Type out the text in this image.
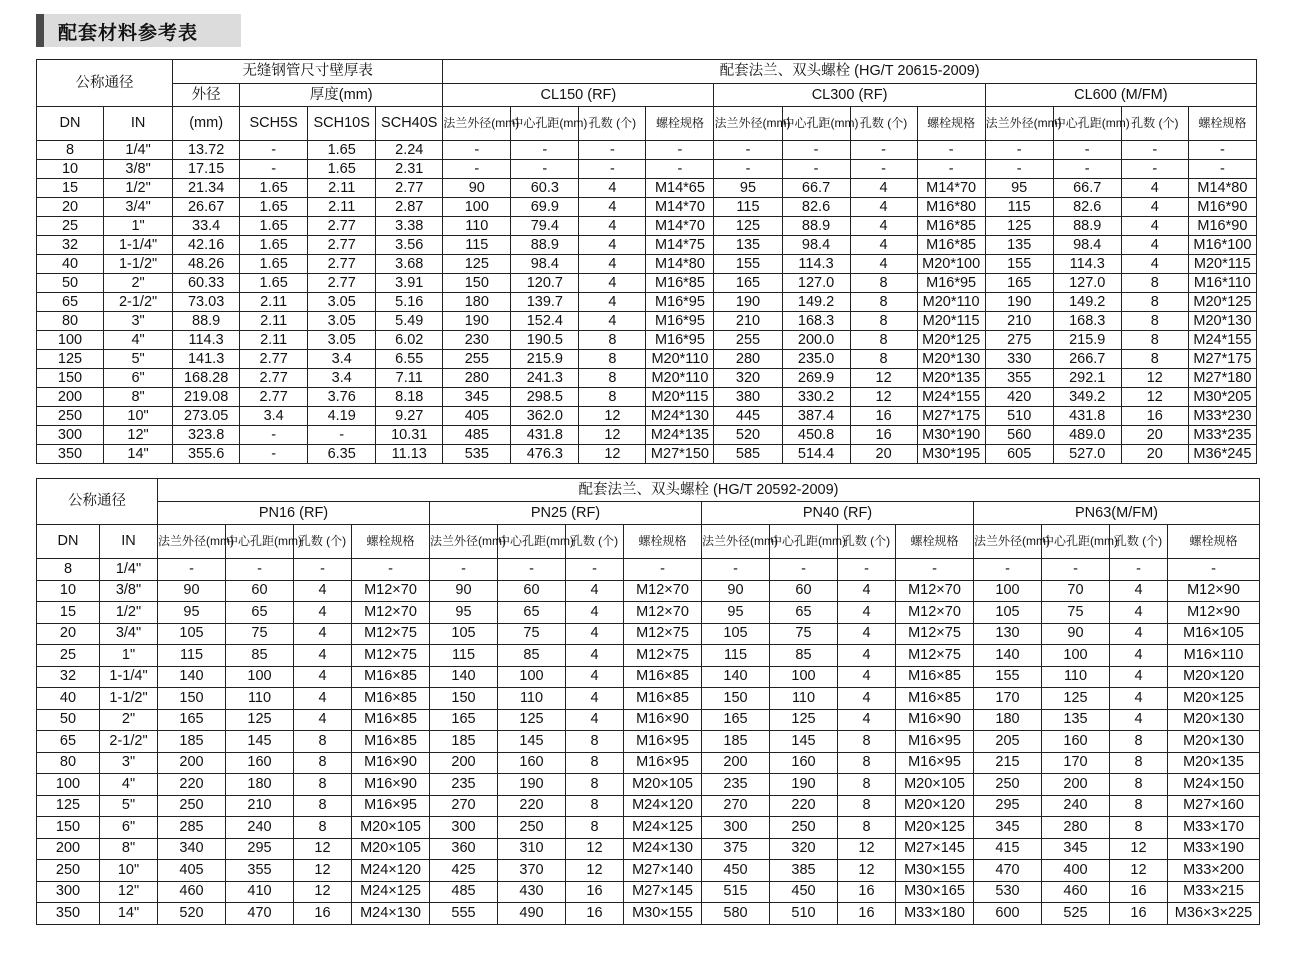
配套材料参考表
公称通径		无缝钢管尺寸壁厚表				配套法兰、双头螺栓 (HG/T 20615-2009)											
		外径	厚度(mm)			CL150 (RF)				CL300 (RF)				CL600 (M/FM)			
DN	IN	(mm)	SCH5S	SCH10S	SCH40S	法兰外径(mm)	中心孔距(mm)	孔数 (个)	螺栓规格	法兰外径(mm)	中心孔距(mm)	孔数 (个)	螺栓规格	法兰外径(mm)	中心孔距(mm)	孔数 (个)	螺栓规格
8	1/4"	13.72	-	1.65	2.24	-	-	-	-	-	-	-	-	-	-	-	-
10	3/8"	17.15	-	1.65	2.31	-	-	-	-	-	-	-	-	-	-	-	-
15	1/2"	21.34	1.65	2.11	2.77	90	60.3	4	M14*65	95	66.7	4	M14*70	95	66.7	4	M14*80
20	3/4"	26.67	1.65	2.11	2.87	100	69.9	4	M14*70	115	82.6	4	M16*80	115	82.6	4	M16*90
25	1"	33.4	1.65	2.77	3.38	110	79.4	4	M14*70	125	88.9	4	M16*85	125	88.9	4	M16*90
32	1-1/4"	42.16	1.65	2.77	3.56	115	88.9	4	M14*75	135	98.4	4	M16*85	135	98.4	4	M16*100
40	1-1/2"	48.26	1.65	2.77	3.68	125	98.4	4	M14*80	155	114.3	4	M20*100	155	114.3	4	M20*115
50	2"	60.33	1.65	2.77	3.91	150	120.7	4	M16*85	165	127.0	8	M16*95	165	127.0	8	M16*110
65	2-1/2"	73.03	2.11	3.05	5.16	180	139.7	4	M16*95	190	149.2	8	M20*110	190	149.2	8	M20*125
80	3"	88.9	2.11	3.05	5.49	190	152.4	4	M16*95	210	168.3	8	M20*115	210	168.3	8	M20*130
100	4"	114.3	2.11	3.05	6.02	230	190.5	8	M16*95	255	200.0	8	M20*125	275	215.9	8	M24*155
125	5"	141.3	2.77	3.4	6.55	255	215.9	8	M20*110	280	235.0	8	M20*130	330	266.7	8	M27*175
150	6"	168.28	2.77	3.4	7.11	280	241.3	8	M20*110	320	269.9	12	M20*135	355	292.1	12	M27*180
200	8"	219.08	2.77	3.76	8.18	345	298.5	8	M20*115	380	330.2	12	M24*155	420	349.2	12	M30*205
250	10"	273.05	3.4	4.19	9.27	405	362.0	12	M24*130	445	387.4	16	M27*175	510	431.8	16	M33*230
300	12"	323.8	-	-	10.31	485	431.8	12	M24*135	520	450.8	16	M30*190	560	489.0	20	M33*235
350	14"	355.6	-	6.35	11.13	535	476.3	12	M27*150	585	514.4	20	M30*195	605	527.0	20	M36*245
公称通径		配套法兰、双头螺栓 (HG/T 20592-2009)															
		PN16 (RF)				PN25 (RF)				PN40 (RF)				PN63(M/FM)			
DN	IN	法兰外径(mm)	中心孔距(mm)	孔数 (个)	螺栓规格	法兰外径(mm)	中心孔距(mm)	孔数 (个)	螺栓规格	法兰外径(mm)	中心孔距(mm)	孔数 (个)	螺栓规格	法兰外径(mm)	中心孔距(mm)	孔数 (个)	螺栓规格
8	1/4"	-	-	-	-	-	-	-	-	-	-	-	-	-	-	-	-
10	3/8"	90	60	4	M12×70	90	60	4	M12×70	90	60	4	M12×70	100	70	4	M12×90
15	1/2"	95	65	4	M12×70	95	65	4	M12×70	95	65	4	M12×70	105	75	4	M12×90
20	3/4"	105	75	4	M12×75	105	75	4	M12×75	105	75	4	M12×75	130	90	4	M16×105
25	1"	115	85	4	M12×75	115	85	4	M12×75	115	85	4	M12×75	140	100	4	M16×110
32	1-1/4"	140	100	4	M16×85	140	100	4	M16×85	140	100	4	M16×85	155	110	4	M20×120
40	1-1/2"	150	110	4	M16×85	150	110	4	M16×85	150	110	4	M16×85	170	125	4	M20×125
50	2"	165	125	4	M16×85	165	125	4	M16×90	165	125	4	M16×90	180	135	4	M20×130
65	2-1/2"	185	145	8	M16×85	185	145	8	M16×95	185	145	8	M16×95	205	160	8	M20×130
80	3"	200	160	8	M16×90	200	160	8	M16×95	200	160	8	M16×95	215	170	8	M20×135
100	4"	220	180	8	M16×90	235	190	8	M20×105	235	190	8	M20×105	250	200	8	M24×150
125	5"	250	210	8	M16×95	270	220	8	M24×120	270	220	8	M20×120	295	240	8	M27×160
150	6"	285	240	8	M20×105	300	250	8	M24×125	300	250	8	M20×125	345	280	8	M33×170
200	8"	340	295	12	M20×105	360	310	12	M24×130	375	320	12	M27×145	415	345	12	M33×190
250	10"	405	355	12	M24×120	425	370	12	M27×140	450	385	12	M30×155	470	400	12	M33×200
300	12"	460	410	12	M24×125	485	430	16	M27×145	515	450	16	M30×165	530	460	16	M33×215
350	14"	520	470	16	M24×130	555	490	16	M30×155	580	510	16	M33×180	600	525	16	M36×3×225
